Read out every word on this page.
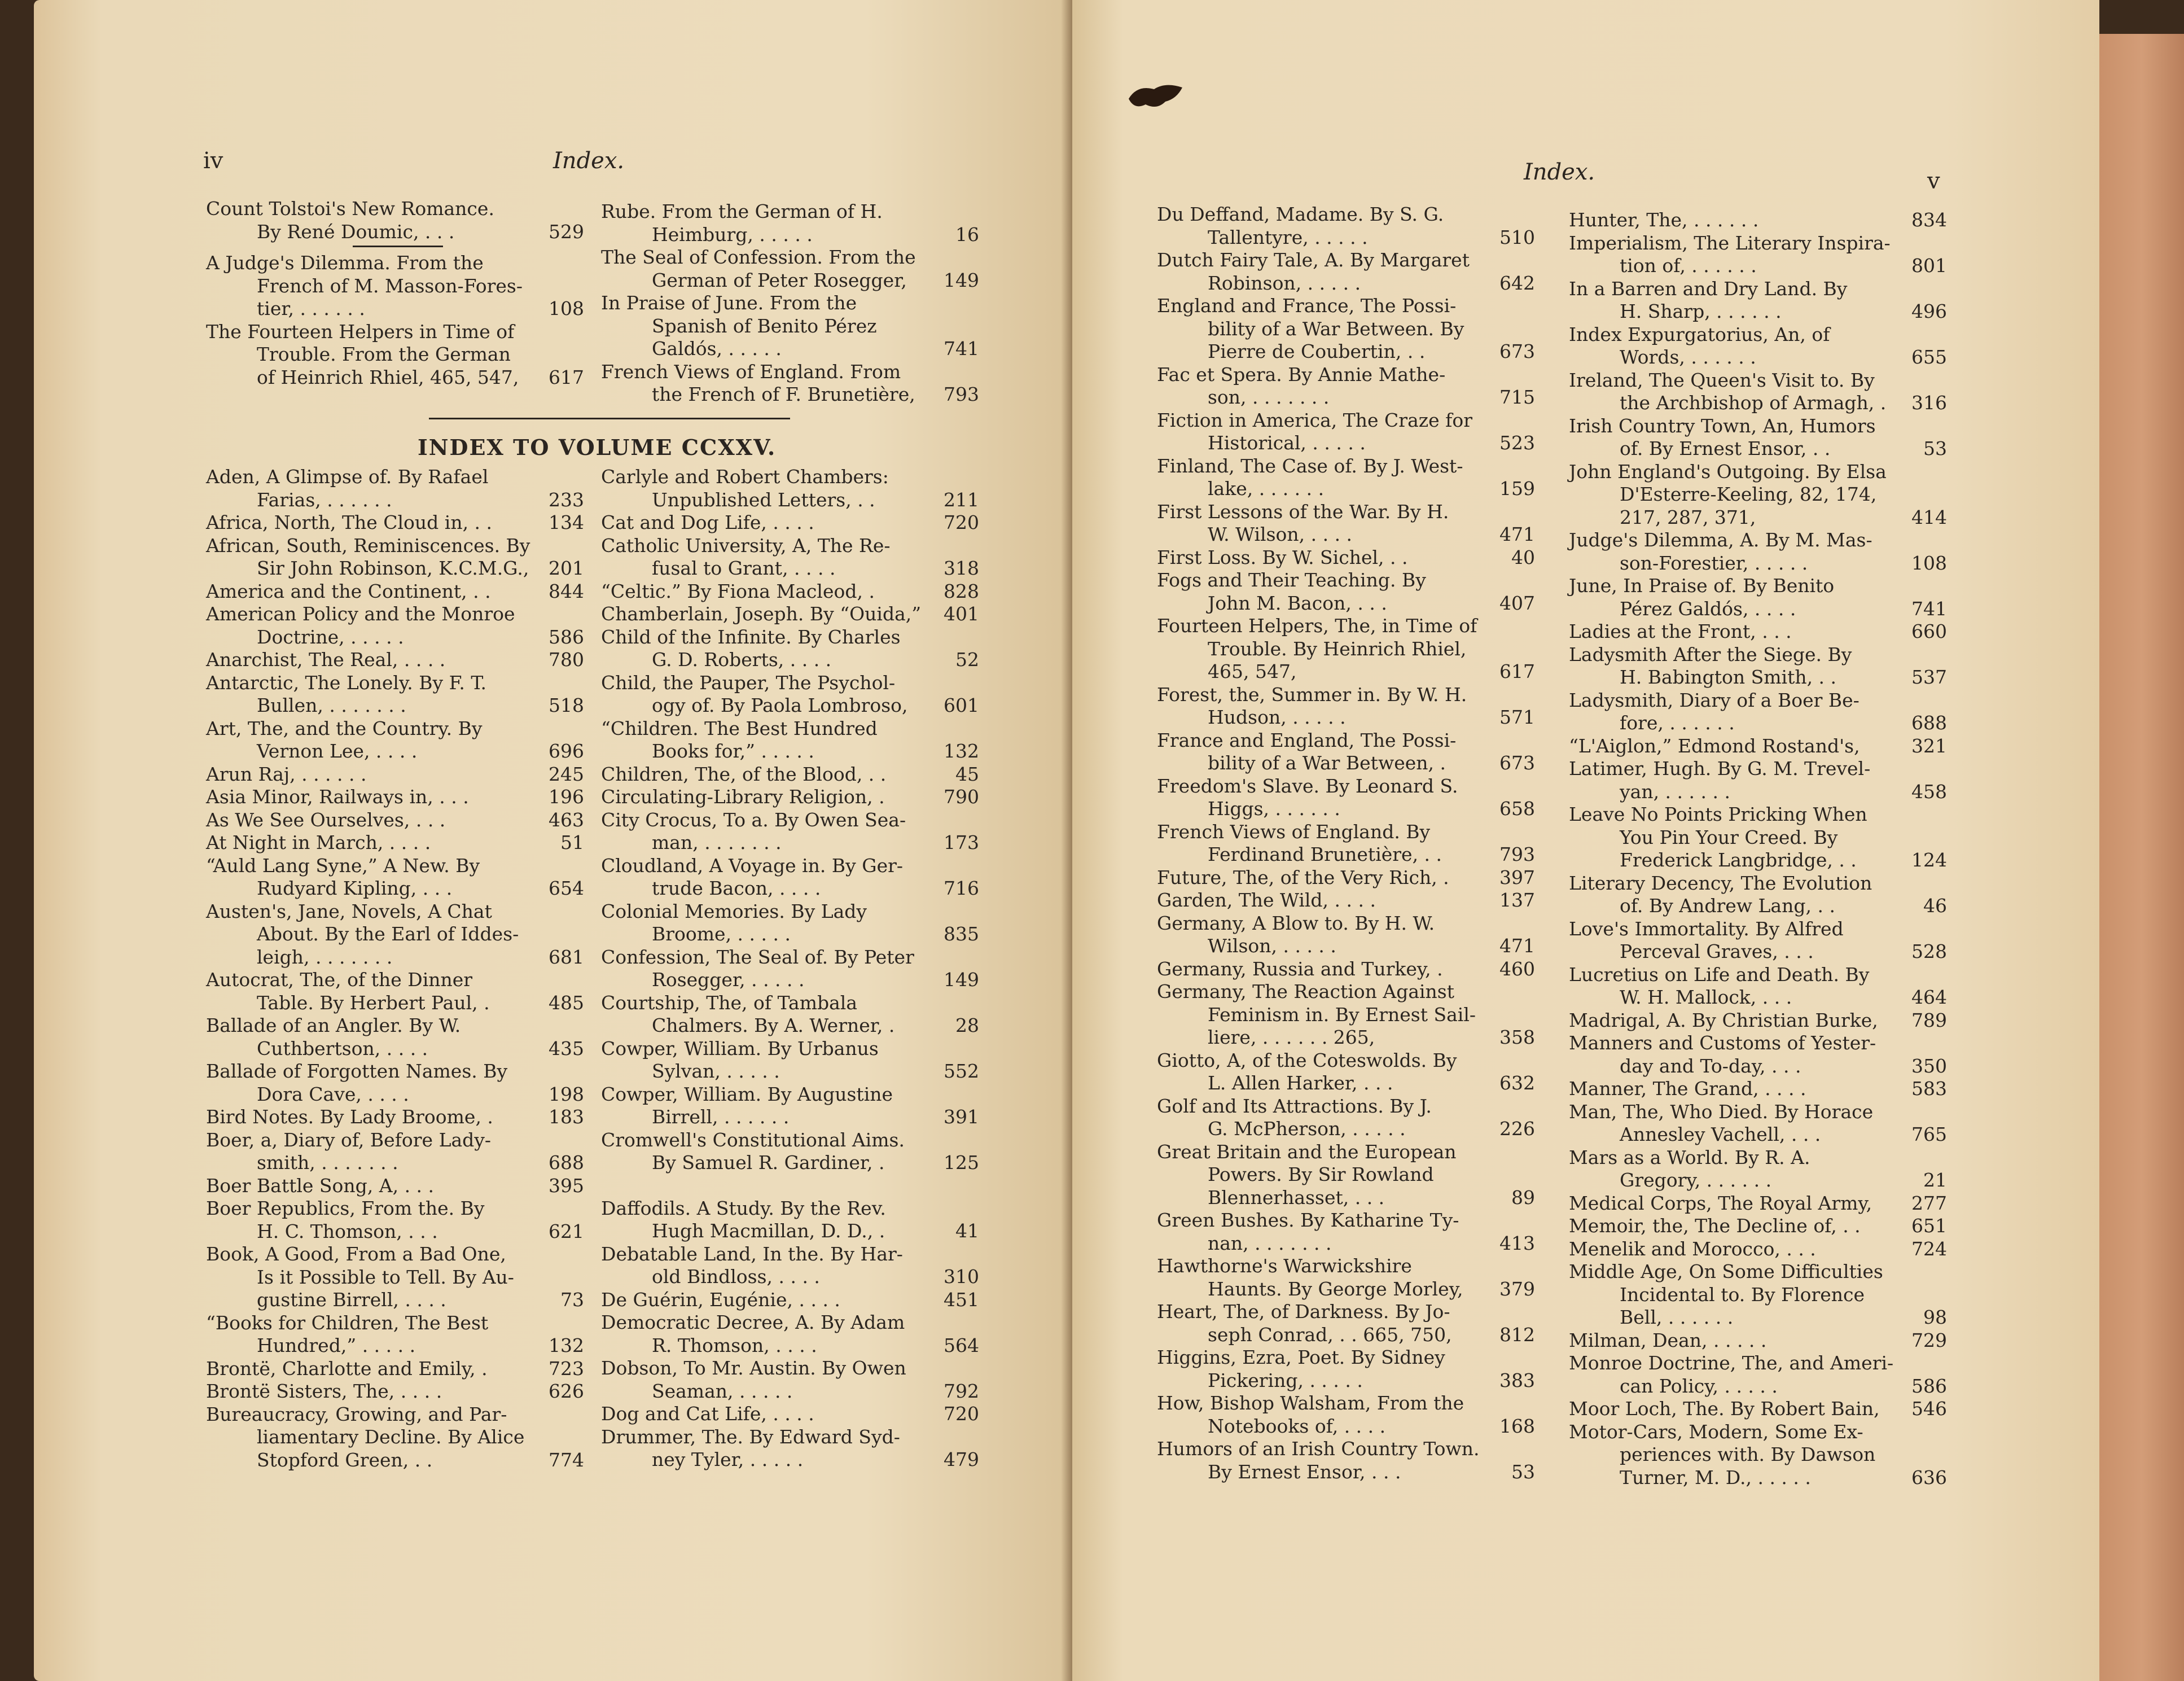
iv	Index.
Count Tolstoi's New Romance.
By René Doumic, . . .	529
A Judge's Dilemma. From the
French of M. Masson-Fores-
tier, . . . . . .	108
The Fourteen Helpers in Time of
Trouble. From the German
of Heinrich Rhiel, 465, 547,	617
Rube. From the German of H.
Heimburg, . . . . .	16
The Seal of Confession. From the
German of Peter Rosegger,	149
In Praise of June. From the
Spanish of Benito Pérez
Galdós, . . . . .	741
French Views of England. From
the French of F. Brunetière,	793
INDEX TO VOLUME CCXXV.
Aden, A Glimpse of. By Rafael
Farias, . . . . . .	233
Africa, North, The Cloud in, . .	134
African, South, Reminiscences. By
Sir John Robinson, K.C.M.G.,	201
America and the Continent, . .	844
American Policy and the Monroe
Doctrine, . . . . .	586
Anarchist, The Real, . . . .	780
Antarctic, The Lonely. By F. T.
Bullen, . . . . . . .	518
Art, The, and the Country. By
Vernon Lee, . . . .	696
Arun Raj, . . . . . .	245
Asia Minor, Railways in, . . .	196
As We See Ourselves, . . .	463
At Night in March, . . . .	51
“Auld Lang Syne,” A New. By
Rudyard Kipling, . . .	654
Austen's, Jane, Novels, A Chat
About. By the Earl of Iddes-
leigh, . . . . . . .	681
Autocrat, The, of the Dinner
Table. By Herbert Paul, .	485
Ballade of an Angler. By W.
Cuthbertson, . . . .	435
Ballade of Forgotten Names. By
Dora Cave, . . . .	198
Bird Notes. By Lady Broome, .	183
Boer, a, Diary of, Before Lady-
smith, . . . . . . .	688
Boer Battle Song, A, . . .	395
Boer Republics, From the. By
H. C. Thomson, . . .	621
Book, A Good, From a Bad One,
Is it Possible to Tell. By Au-
gustine Birrell, . . . .	73
“Books for Children, The Best
Hundred,” . . . . .	132
Brontë, Charlotte and Emily, .	723
Brontë Sisters, The, . . . .	626
Bureaucracy, Growing, and Par-
liamentary Decline. By Alice
Stopford Green, . .	774
Carlyle and Robert Chambers:
Unpublished Letters, . .	211
Cat and Dog Life, . . . .	720
Catholic University, A, The Re-
fusal to Grant, . . . .	318
“Celtic.” By Fiona Macleod, .	828
Chamberlain, Joseph. By “Ouida,”	401
Child of the Infinite. By Charles
G. D. Roberts, . . . .	52
Child, the Pauper, The Psychol-
ogy of. By Paola Lombroso,	601
“Children. The Best Hundred
Books for,” . . . . .	132
Children, The, of the Blood, . .	45
Circulating-Library Religion, .	790
City Crocus, To a. By Owen Sea-
man, . . . . . . .	173
Cloudland, A Voyage in. By Ger-
trude Bacon, . . . .	716
Colonial Memories. By Lady
Broome, . . . . .	835
Confession, The Seal of. By Peter
Rosegger, . . . . .	149
Courtship, The, of Tambala
Chalmers. By A. Werner, .	28
Cowper, William. By Urbanus
Sylvan, . . . . .	552
Cowper, William. By Augustine
Birrell, . . . . . .	391
Cromwell's Constitutional Aims.
By Samuel R. Gardiner, .	125
Daffodils. A Study. By the Rev.
Hugh Macmillan, D. D., .	41
Debatable Land, In the. By Har-
old Bindloss, . . . .	310
De Guérin, Eugénie, . . . .	451
Democratic Decree, A. By Adam
R. Thomson, . . . .	564
Dobson, To Mr. Austin. By Owen
Seaman, . . . . .	792
Dog and Cat Life, . . . .	720
Drummer, The. By Edward Syd-
ney Tyler, . . . . .	479
Index.	v
Du Deffand, Madame. By S. G.
Tallentyre, . . . . .	510
Dutch Fairy Tale, A. By Margaret
Robinson, . . . . .	642
England and France, The Possi-
bility of a War Between. By
Pierre de Coubertin, . .	673
Fac et Spera. By Annie Mathe-
son, . . . . . . .	715
Fiction in America, The Craze for
Historical, . . . . .	523
Finland, The Case of. By J. West-
lake, . . . . . .	159
First Lessons of the War. By H.
W. Wilson, . . . .	471
First Loss. By W. Sichel, . .	40
Fogs and Their Teaching. By
John M. Bacon, . . .	407
Fourteen Helpers, The, in Time of
Trouble. By Heinrich Rhiel,
465, 547,	617
Forest, the, Summer in. By W. H.
Hudson, . . . . .	571
France and England, The Possi-
bility of a War Between, .	673
Freedom's Slave. By Leonard S.
Higgs, . . . . . .	658
French Views of England. By
Ferdinand Brunetière, . .	793
Future, The, of the Very Rich, .	397
Garden, The Wild, . . . .	137
Germany, A Blow to. By H. W.
Wilson, . . . . .	471
Germany, Russia and Turkey, .	460
Germany, The Reaction Against
Feminism in. By Ernest Sail-
liere, . . . . . . 265,	358
Giotto, A, of the Coteswolds. By
L. Allen Harker, . . .	632
Golf and Its Attractions. By J.
G. McPherson, . . . . .	226
Great Britain and the European
Powers. By Sir Rowland
Blennerhasset, . . .	89
Green Bushes. By Katharine Ty-
nan, . . . . . . .	413
Hawthorne's Warwickshire
Haunts. By George Morley,	379
Heart, The, of Darkness. By Jo-
seph Conrad, . . 665, 750,	812
Higgins, Ezra, Poet. By Sidney
Pickering, . . . . .	383
How, Bishop Walsham, From the
Notebooks of, . . . .	168
Humors of an Irish Country Town.
By Ernest Ensor, . . .	53
Hunter, The, . . . . . .	834
Imperialism, The Literary Inspira-
tion of, . . . . . .	801
In a Barren and Dry Land. By
H. Sharp, . . . . . .	496
Index Expurgatorius, An, of
Words, . . . . . .	655
Ireland, The Queen's Visit to. By
the Archbishop of Armagh, .	316
Irish Country Town, An, Humors
of. By Ernest Ensor, . .	53
John England's Outgoing. By Elsa
D'Esterre-Keeling, 82, 174,
217, 287, 371,	414
Judge's Dilemma, A. By M. Mas-
son-Forestier, . . . . .	108
June, In Praise of. By Benito
Pérez Galdós, . . . .	741
Ladies at the Front, . . .	660
Ladysmith After the Siege. By
H. Babington Smith, . .	537
Ladysmith, Diary of a Boer Be-
fore, . . . . . .	688
“L'Aiglon,” Edmond Rostand's,	321
Latimer, Hugh. By G. M. Trevel-
yan, . . . . . .	458
Leave No Points Pricking When
You Pin Your Creed. By
Frederick Langbridge, . .	124
Literary Decency, The Evolution
of. By Andrew Lang, . .	46
Love's Immortality. By Alfred
Perceval Graves, . . .	528
Lucretius on Life and Death. By
W. H. Mallock, . . .	464
Madrigal, A. By Christian Burke,	789
Manners and Customs of Yester-
day and To-day, . . .	350
Manner, The Grand, . . . .	583
Man, The, Who Died. By Horace
Annesley Vachell, . . .	765
Mars as a World. By R. A.
Gregory, . . . . . .	21
Medical Corps, The Royal Army,	277
Memoir, the, The Decline of, . .	651
Menelik and Morocco, . . .	724
Middle Age, On Some Difficulties
Incidental to. By Florence
Bell, . . . . . .	98
Milman, Dean, . . . . .	729
Monroe Doctrine, The, and Ameri-
can Policy, . . . . .	586
Moor Loch, The. By Robert Bain,	546
Motor-Cars, Modern, Some Ex-
periences with. By Dawson
Turner, M. D., . . . . .	636
